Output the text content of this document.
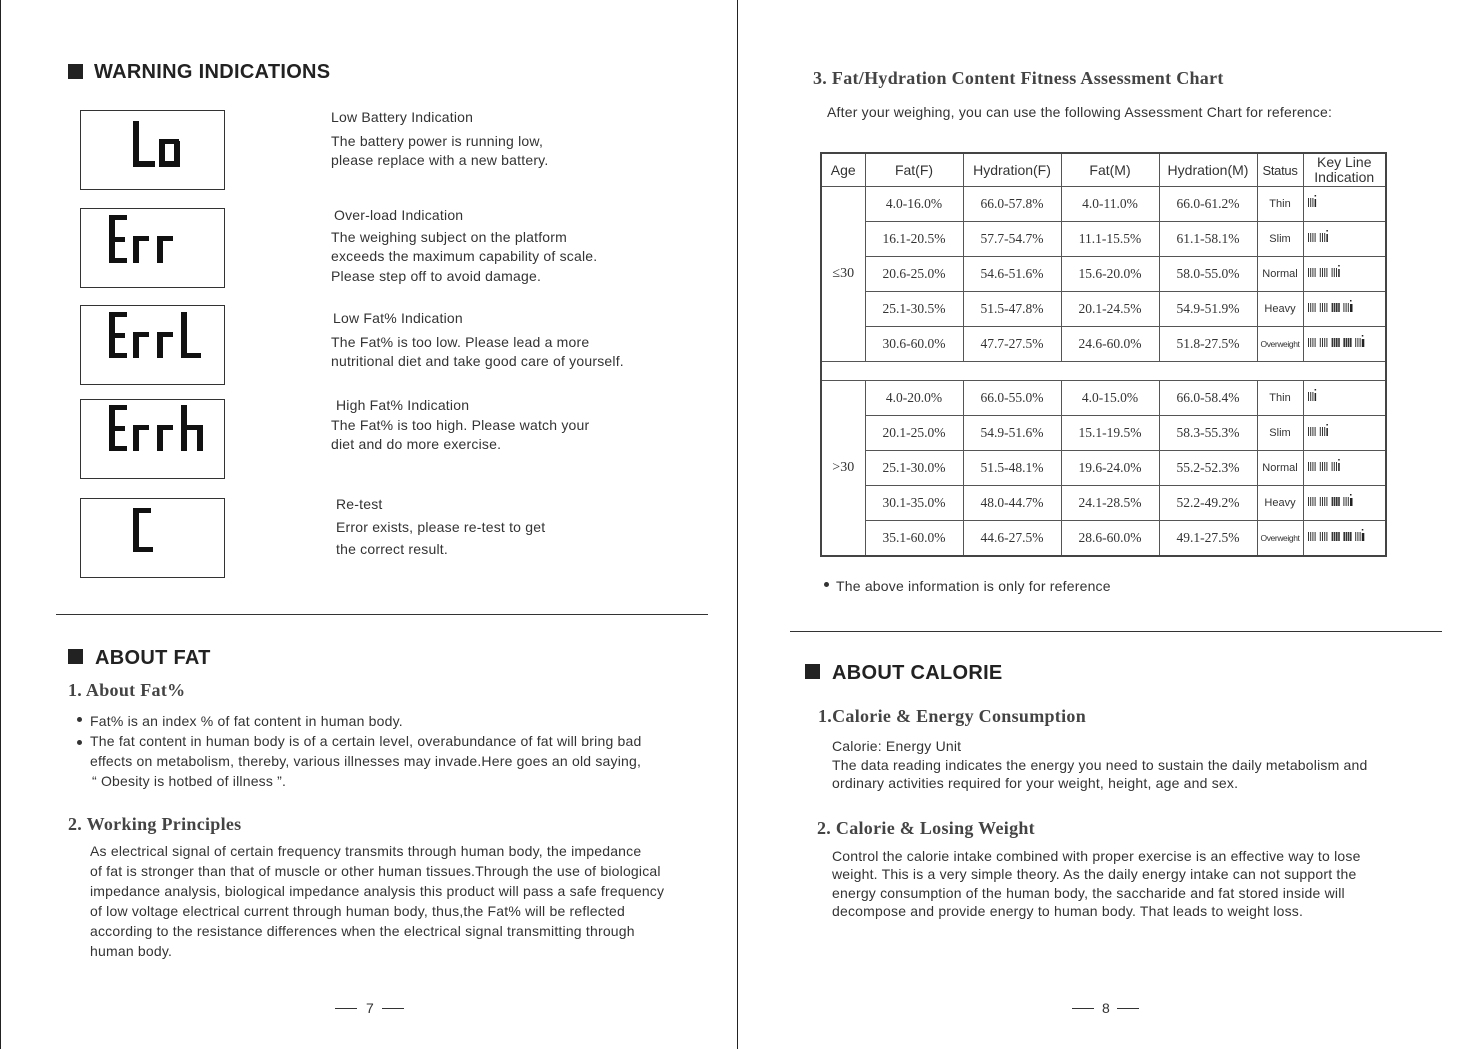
WARNING INDICATIONS
Low Battery Indication
The battery power is running low,
please replace with a new battery.
Over-load Indication
The weighing subject on the platform
exceeds the maximum capability of scale.
Please step off to avoid damage.
Low Fat% Indication
The Fat% is too low. Please lead a more
nutritional diet and take good care of yourself.
High Fat% Indication
The Fat% is too high. Please watch your
diet and do more exercise.
Re-test
Error exists, please re-test to get
the correct result.
ABOUT FAT
1. About Fat%
Fat% is an index % of fat content in human body.
The fat content in human body is of a certain level, overabundance of fat will bring bad
effects on metabolism, thereby, various illnesses may invade.Here goes an old saying,
“ Obesity is hotbed of illness ”.
2. Working Principles
As electrical signal of certain frequency transmits through human body, the impedance
of fat is stronger than that of muscle or other human tissues.Through the use of biological
impedance analysis, biological impedance analysis this product will pass a safe frequency
of low voltage electrical current through human body, thus,the Fat% will be reflected
according to the resistance differences when the electrical signal transmitting through
human body.
7
3. Fat/Hydration Content Fitness Assessment Chart
After your weighing, you can use the following Assessment Chart for reference:
Age	Fat(F)	Hydration(F)	Fat(M)	Hydration(M)	Status	Key Line
Indication

≤30	4.0-16.0%	66.0-57.8%	4.0-11.0%	66.0-61.2%	Thin	
	16.1-20.5%	57.7-54.7%	11.1-15.5%	61.1-58.1%	Slim	
	20.6-25.0%	54.6-51.6%	15.6-20.0%	58.0-55.0%	Normal	
	25.1-30.5%	51.5-47.8%	20.1-24.5%	54.9-51.9%	Heavy	
	30.6-60.0%	47.7-27.5%	24.6-60.0%	51.8-27.5%	Overweight	

>30	4.0-20.0%	66.0-55.0%	4.0-15.0%	66.0-58.4%	Thin	
	20.1-25.0%	54.9-51.6%	15.1-19.5%	58.3-55.3%	Slim	
	25.1-30.0%	51.5-48.1%	19.6-24.0%	55.2-52.3%	Normal	
	30.1-35.0%	48.0-44.7%	24.1-28.5%	52.2-49.2%	Heavy	
	35.1-60.0%	44.6-27.5%	28.6-60.0%	49.1-27.5%	Overweight	
The above information is only for reference
ABOUT CALORIE
1.Calorie & Energy Consumption
Calorie: Energy Unit
The data reading indicates the energy you need to sustain the daily metabolism and
ordinary activities required for your weight, height, age and sex.
2. Calorie & Losing Weight
Control the calorie intake combined with proper exercise is an effective way to lose
weight. This is a very simple theory. As the daily energy intake can not support the
energy consumption of the human body, the saccharide and fat stored inside will
decompose and provide energy to human body. That leads to weight loss.
8
